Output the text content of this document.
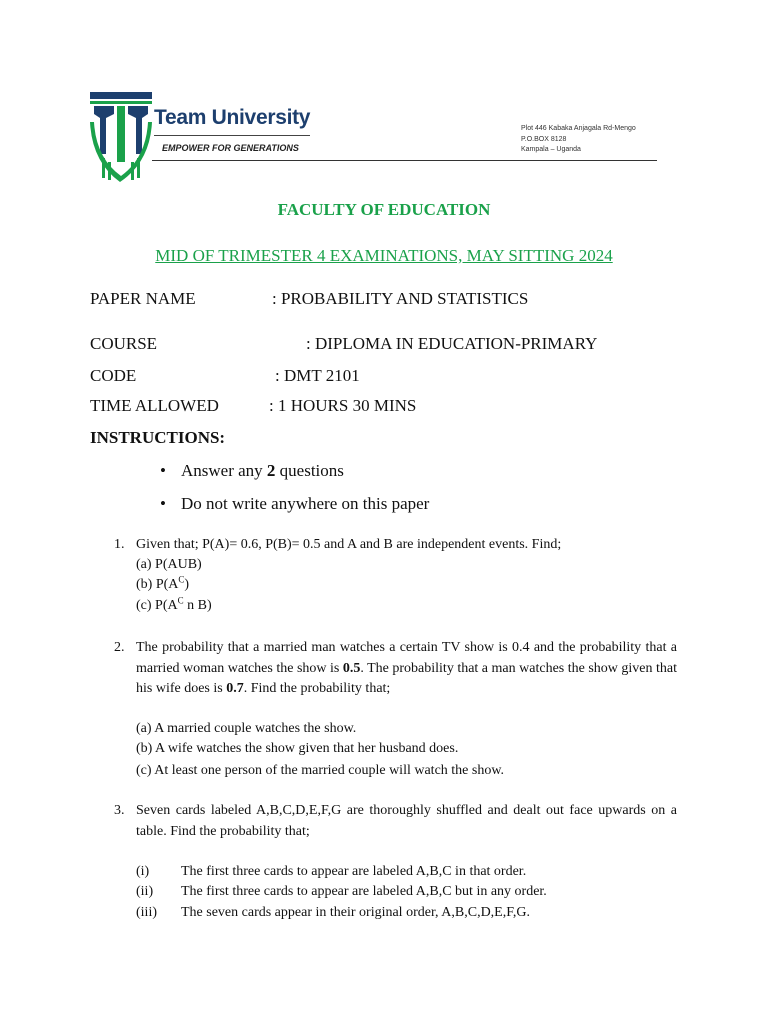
Team University
EMPOWER FOR GENERATIONS
Plot 446 Kabaka Anjagala Rd-Mengo
P.O.BOX 8128
Kampala – Uganda
FACULTY OF EDUCATION
MID OF TRIMESTER 4 EXAMINATIONS, MAY SITTING 2024
PAPER NAME	: PROBABILITY AND STATISTICS
COURSE	: DIPLOMA IN EDUCATION-PRIMARY
CODE	: DMT 2101
TIME ALLOWED	: 1 HOURS 30 MINS
INSTRUCTIONS:
• Answer any 2 questions
• Do not write anywhere on this paper
1. Given that; P(A)= 0.6, P(B)= 0.5 and A and B are independent events. Find;
(a) P(AUB)
(b) $P(A^C)$
(c) $P(A^C$ n B)
2. The probability that a married man watches a certain TV show is 0.4 and the probability that a married woman watches the show is 0.5. The probability that a man watches the show given that his wife does is 0.7. Find the probability that;
(a) A married couple watches the show.
(b) A wife watches the show given that her husband does.
(c) At least one person of the married couple will watch the show.
3. Seven cards labeled A,B,C,D,E,F,G are thoroughly shuffled and dealt out face upwards on a table. Find the probability that;
(i) The first three cards to appear are labeled A,B,C in that order.
(ii) The first three cards to appear are labeled A,B,C but in any order.
(iii) The seven cards appear in their original order, A,B,C,D,E,F,G.
